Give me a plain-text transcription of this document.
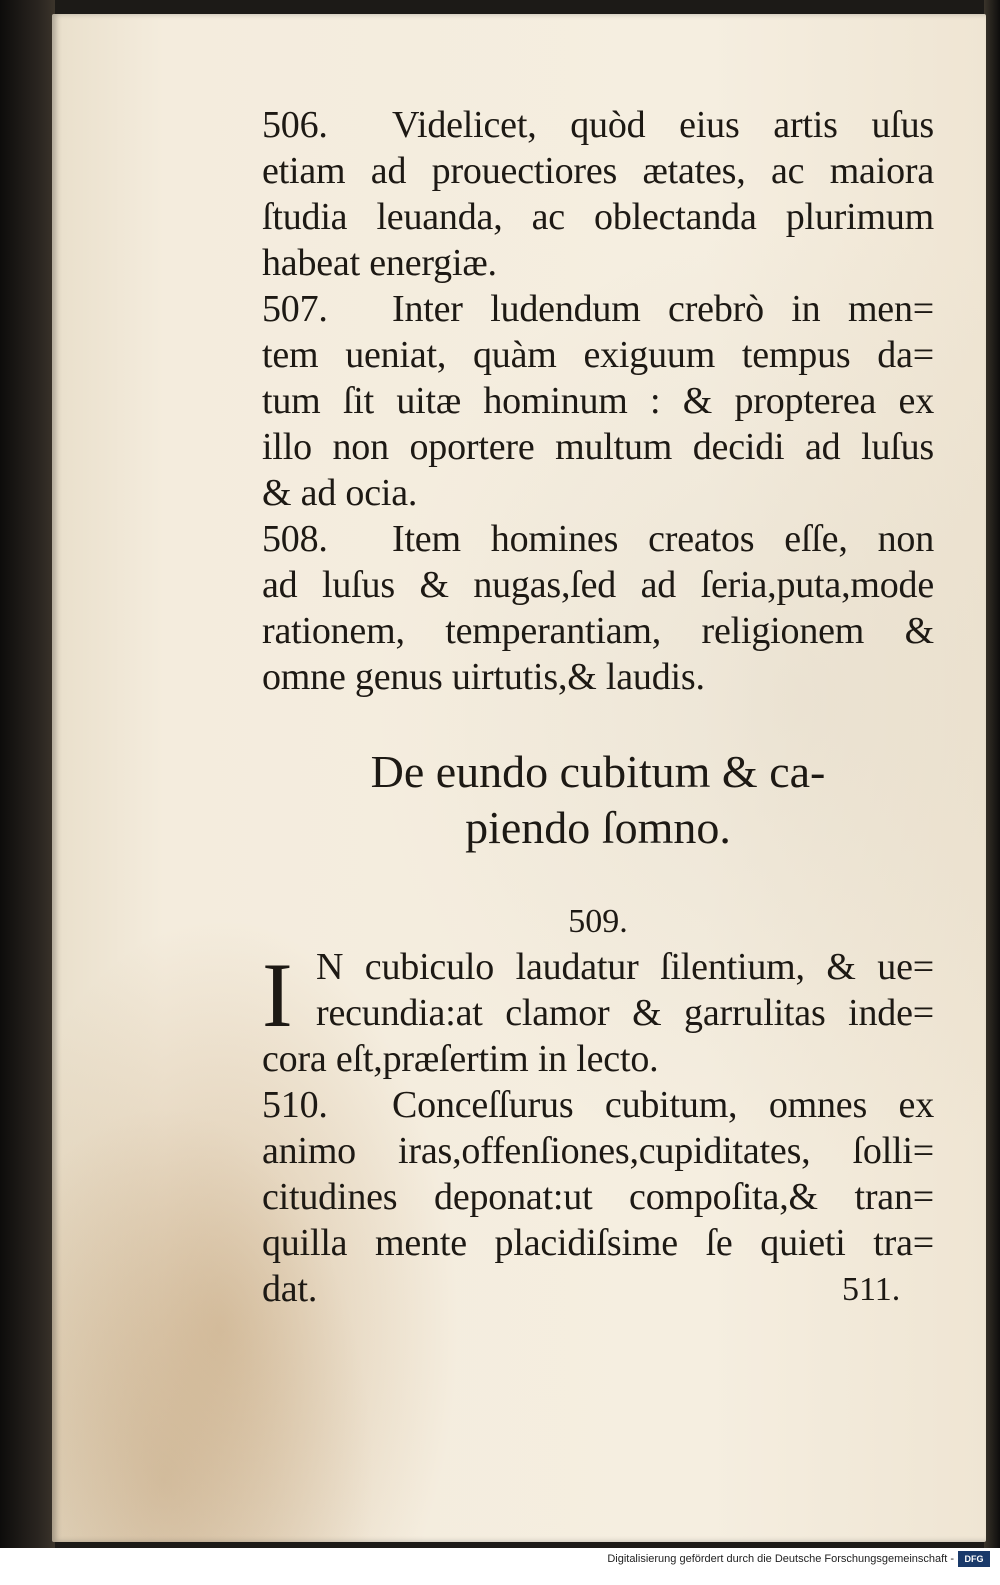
506. Videlicet, quòd eius artis uſus
etiam ad prouectiores ætates, ac maiora
ſtudia leuanda, ac oblectanda plurimum
habeat energiæ.
507. Inter ludendum crebrò in men=
tem ueniat, quàm exiguum tempus da=
tum ſit uitæ hominum : & propterea ex
illo non oportere multum decidi ad luſus
& ad ocia.
508. Item homines creatos eſſe, non
ad luſus & nugas,ſed ad ſeria,puta,mode
rationem, temperantiam, religionem &
omne genus uirtutis,& laudis.
De eundo cubitum & ca-
piendo ſomno.
509.
I N cubiculo laudatur ſilentium, & ue=
recundia:at clamor & garrulitas inde=
cora eſt,præſertim in lecto.
510. Conceſſurus cubitum, omnes ex
animo iras,offenſiones,cupiditates, ſolli=
citudines deponat:ut compoſita,& tran=
quilla mente placidiſsime ſe quieti tra=
dat.	511.
Digitalisierung gefördert durch die Deutsche Forschungsgemeinschaft -	DFG
